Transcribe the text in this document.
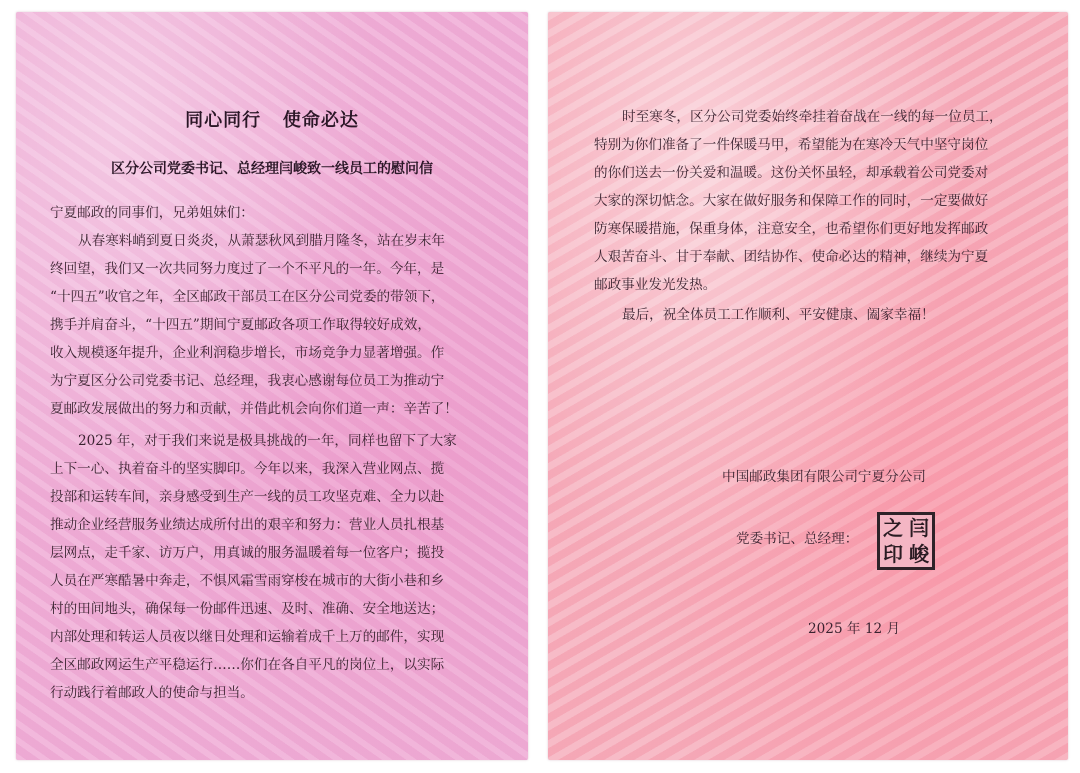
同心同行   使命必达
区分公司党委书记、总经理闫峻致一线员工的慰问信
宁夏邮政的同事们，兄弟姐妹们：
从春寒料峭到夏日炎炎，从萧瑟秋风到腊月隆冬，站在岁末年
终回望，我们又一次共同努力度过了一个不平凡的一年。今年，是
“十四五”收官之年，全区邮政干部员工在区分公司党委的带领下，
携手并肩奋斗，“十四五”期间宁夏邮政各项工作取得较好成效，
收入规模逐年提升，企业利润稳步增长，市场竞争力显著增强。作
为宁夏区分公司党委书记、总经理，我衷心感谢每位员工为推动宁
夏邮政发展做出的努力和贡献，并借此机会向你们道一声：辛苦了！
2025 年，对于我们来说是极具挑战的一年，同样也留下了大家
上下一心、执着奋斗的坚实脚印。今年以来，我深入营业网点、揽
投部和运转车间，亲身感受到生产一线的员工攻坚克难、全力以赴
推动企业经营服务业绩达成所付出的艰辛和努力：营业人员扎根基
层网点，走千家、访万户，用真诚的服务温暖着每一位客户；揽投
人员在严寒酷暑中奔走，不惧风霜雪雨穿梭在城市的大街小巷和乡
村的田间地头，确保每一份邮件迅速、及时、准确、安全地送达；
内部处理和转运人员夜以继日处理和运输着成千上万的邮件，实现
全区邮政网运生产平稳运行……你们在各自平凡的岗位上，以实际
行动践行着邮政人的使命与担当。
时至寒冬，区分公司党委始终牵挂着奋战在一线的每一位员工，
特别为你们准备了一件保暖马甲，希望能为在寒冷天气中坚守岗位
的你们送去一份关爱和温暖。这份关怀虽轻，却承载着公司党委对
大家的深切惦念。大家在做好服务和保障工作的同时，一定要做好
防寒保暖措施，保重身体，注意安全，也希望你们更好地发挥邮政
人艰苦奋斗、甘于奉献、团结协作、使命必达的精神，继续为宁夏
邮政事业发光发热。
最后，祝全体员工工作顺利、平安健康、阖家幸福！
中国邮政集团有限公司宁夏分公司
党委书记、总经理：
2025 年 12 月
之 闫
印 峻
